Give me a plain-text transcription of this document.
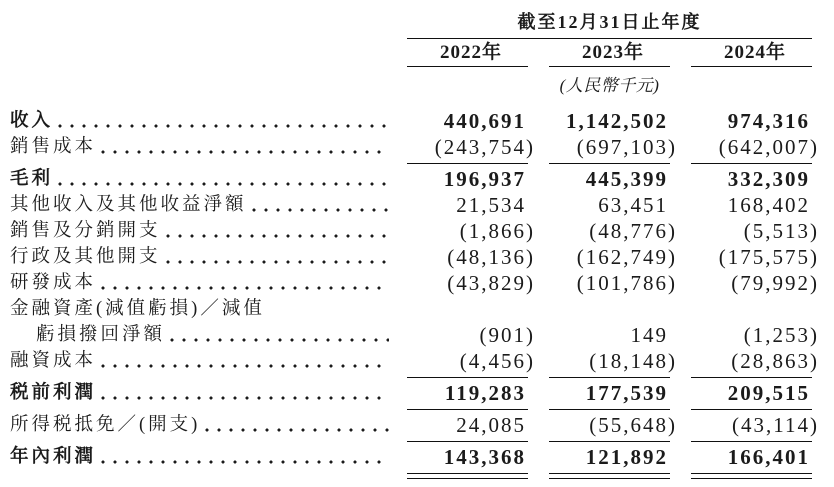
截至12月31日止年度
2022年	2023年	2024年
(人民幣千元)
收入	440,691	1,142,502	974,316
銷售成本	(243,754)	(697,103)	(642,007)
毛利	196,937	445,399	332,309
其他收入及其他收益淨額	21,534	63,451	168,402
銷售及分銷開支	(1,866)	(48,776)	(5,513)
行政及其他開支	(48,136)	(162,749)	(175,575)
研發成本	(43,829)	(101,786)	(79,992)
金融資產(減值虧損)／減值
虧損撥回淨額	(901)	149	(1,253)
融資成本	(4,456)	(18,148)	(28,863)
税前利潤	119,283	177,539	209,515
所得税抵免／(開支)	24,085	(55,648)	(43,114)
年內利潤	143,368	121,892	166,401
